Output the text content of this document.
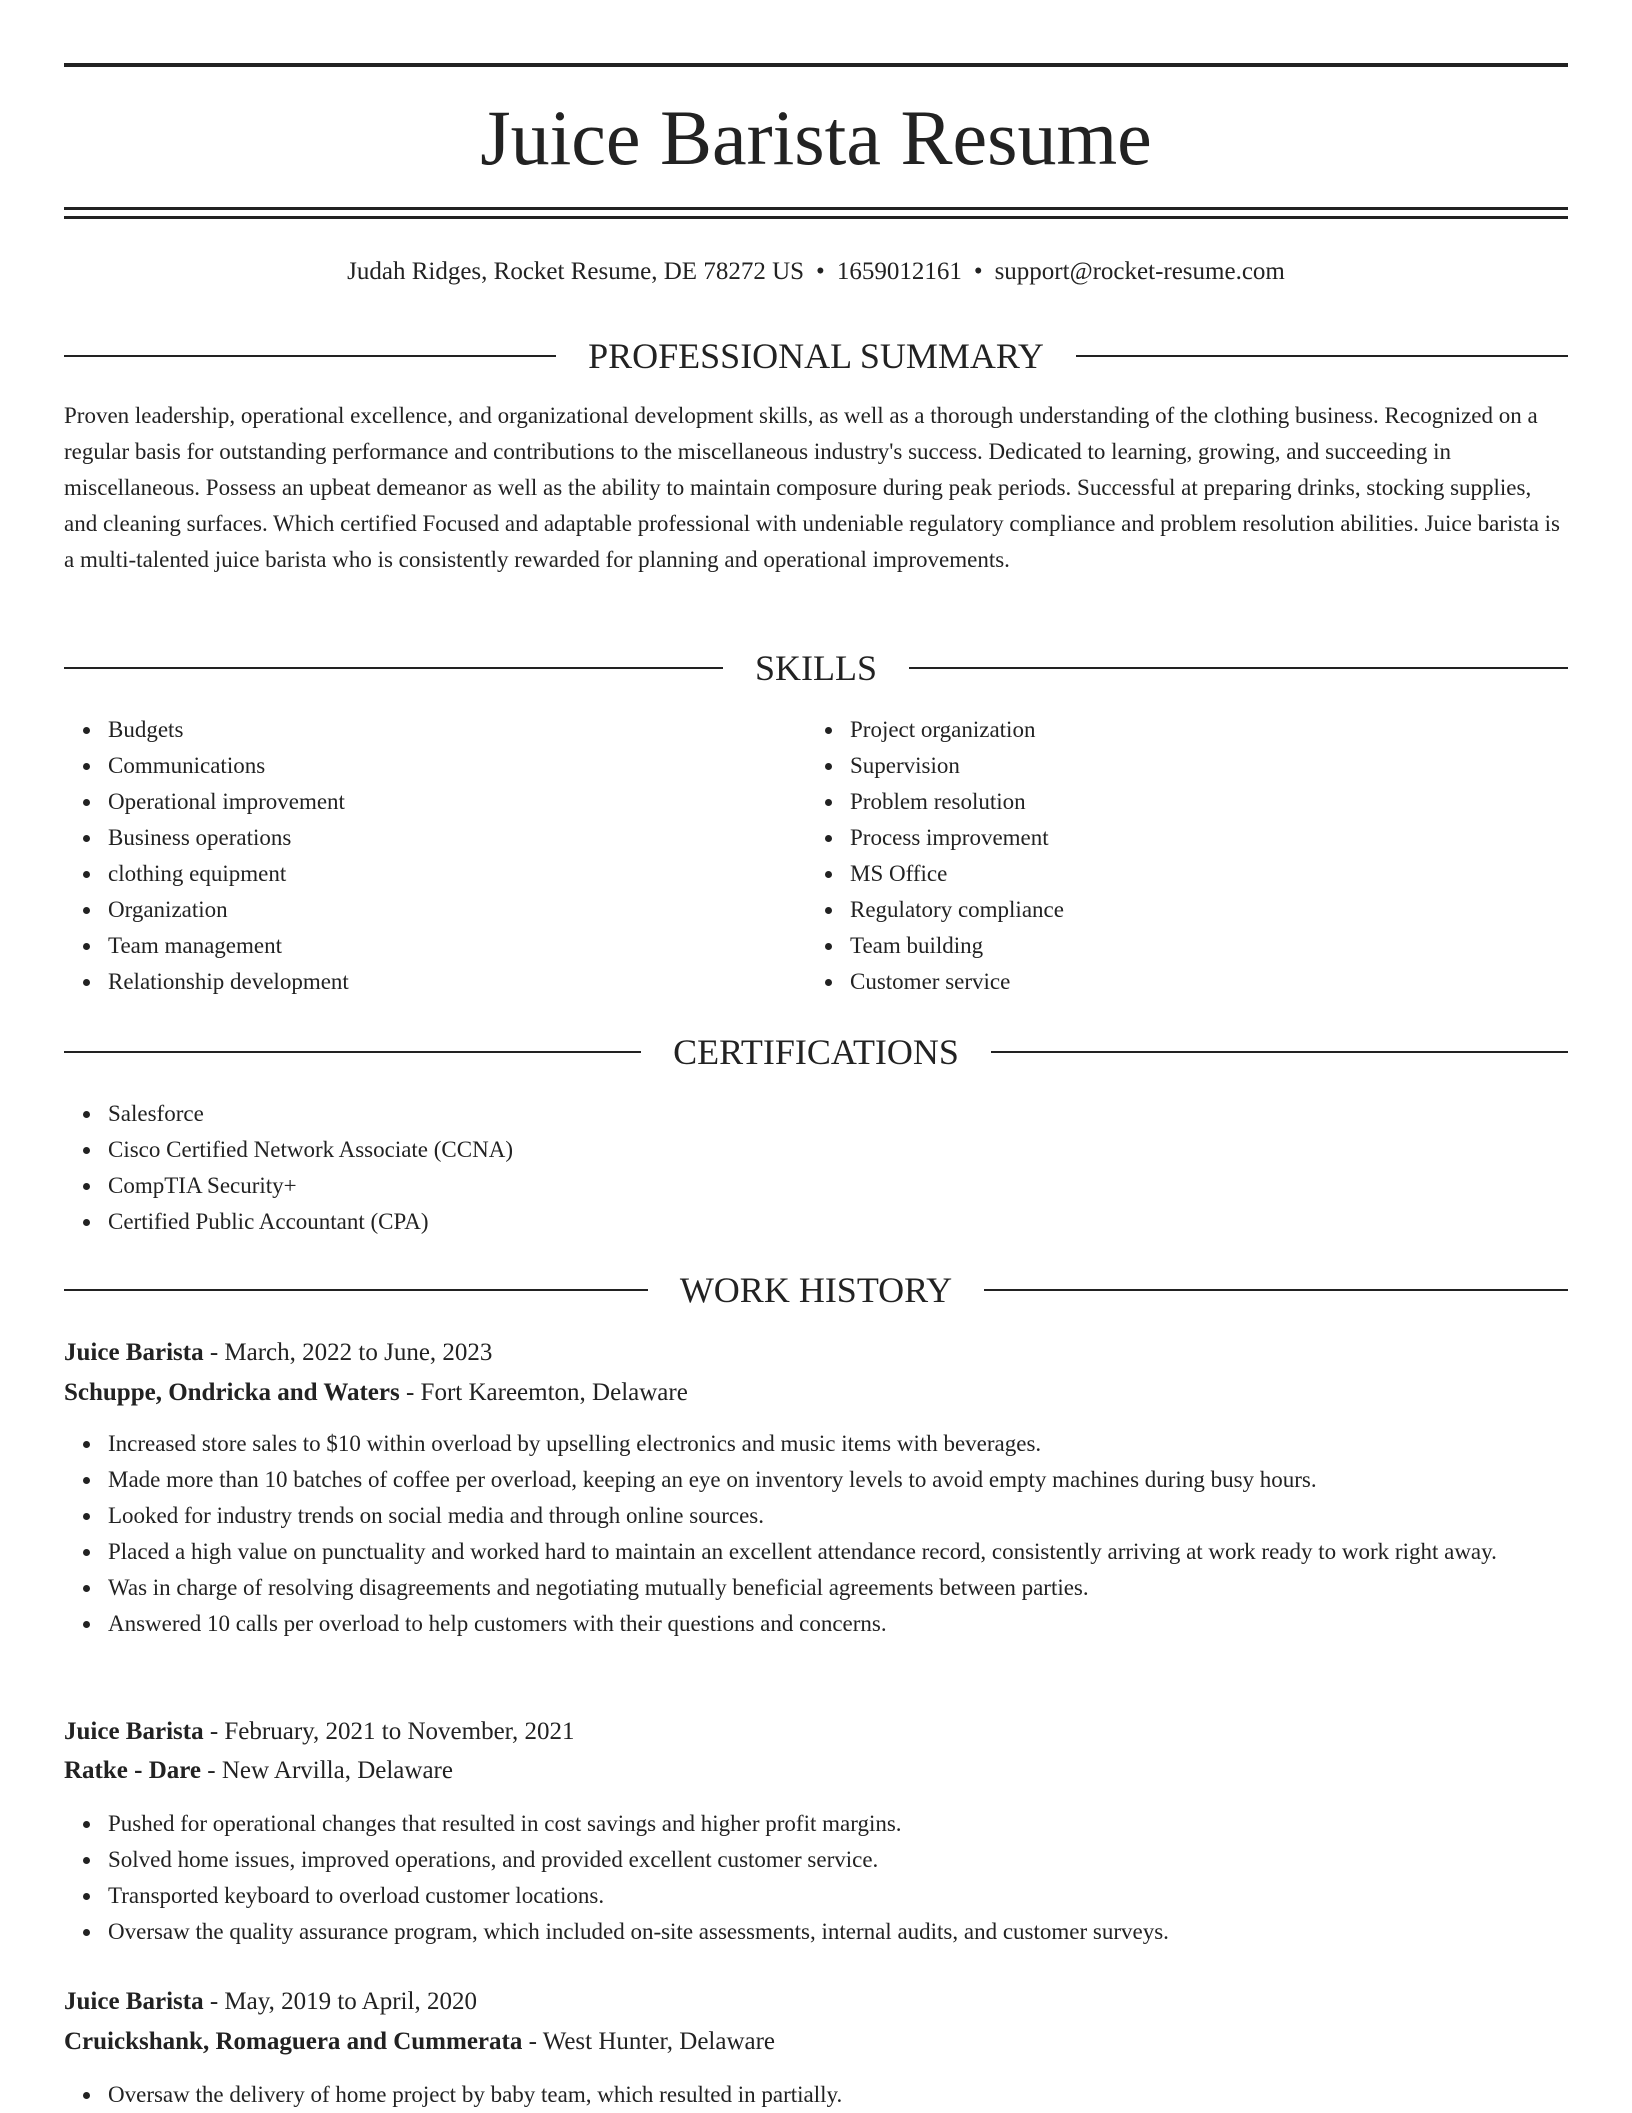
Juice Barista Resume
Judah Ridges, Rocket Resume, DE 78272 US • 1659012161 • support@rocket-resume.com
PROFESSIONAL SUMMARY

Proven leadership, operational excellence, and organizational development skills, as well as a thorough understanding of the clothing business. Recognized on a regular basis for outstanding performance and contributions to the miscellaneous industry's success. Dedicated to learning, growing, and succeeding in miscellaneous. Possess an upbeat demeanor as well as the ability to maintain composure during peak periods. Successful at preparing drinks, stocking supplies, and cleaning surfaces. Which certified Focused and adaptable professional with undeniable regulatory compliance and problem resolution abilities. Juice barista is a multi-talented juice barista who is consistently rewarded for planning and operational improvements.

SKILLS
Budgets
Communications
Operational improvement
Business operations
clothing equipment
Organization
Team management
Relationship development
Project organization
Supervision
Problem resolution
Process improvement
MS Office
Regulatory compliance
Team building
Customer service
CERTIFICATIONS
Salesforce
Cisco Certified Network Associate (CCNA)
CompTIA Security+
Certified Public Accountant (CPA)
WORK HISTORY
Juice Barista - March, 2022 to June, 2023
Schuppe, Ondricka and Waters - Fort Kareemton, Delaware
Increased store sales to $10 within overload by upselling electronics and music items with beverages.
Made more than 10 batches of coffee per overload, keeping an eye on inventory levels to avoid empty machines during busy hours.
Looked for industry trends on social media and through online sources.
Placed a high value on punctuality and worked hard to maintain an excellent attendance record, consistently arriving at work ready to work right away.
Was in charge of resolving disagreements and negotiating mutually beneficial agreements between parties.
Answered 10 calls per overload to help customers with their questions and concerns.
Juice Barista - February, 2021 to November, 2021
Ratke - Dare - New Arvilla, Delaware
Pushed for operational changes that resulted in cost savings and higher profit margins.
Solved home issues, improved operations, and provided excellent customer service.
Transported keyboard to overload customer locations.
Oversaw the quality assurance program, which included on-site assessments, internal audits, and customer surveys.
Juice Barista - May, 2019 to April, 2020
Cruickshank, Romaguera and Cummerata - West Hunter, Delaware
Oversaw the delivery of home project by baby team, which resulted in partially.
